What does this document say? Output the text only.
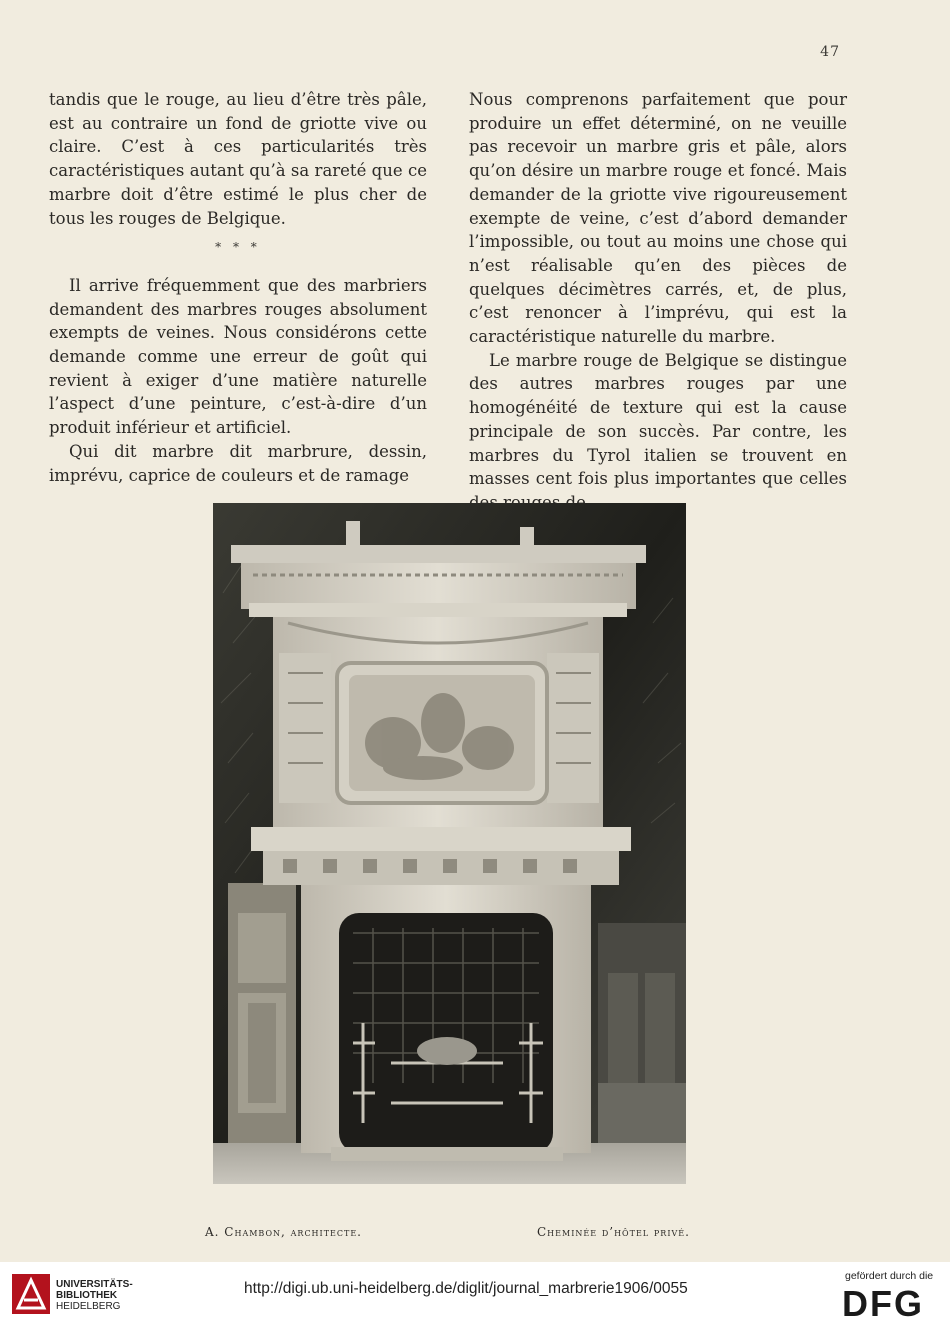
47

tandis que le rouge, au lieu d’être très pâle, est au contraire un fond de griotte vive ou claire. C’est à ces particularités très caractéristiques autant qu’à sa rareté que ce marbre doit d’être estimé le plus cher de tous les rouges de Belgique.

* * *

Il arrive fréquemment que des marbriers demandent des marbres rouges absolument exempts de veines. Nous considérons cette demande comme une erreur de goût qui revient à exiger d’une matière naturelle l’aspect d’une peinture, c’est-à-dire d’un produit inférieur et artificiel.

Qui dit marbre dit marbrure, dessin, imprévu, caprice de couleurs et de ramage

Nous comprenons parfaitement que pour produire un effet déterminé, on ne veuille pas recevoir un marbre gris et pâle, alors qu’on désire un marbre rouge et foncé. Mais demander de la griotte vive rigoureusement exempte de veine, c’est d’abord demander l’impossible, ou tout au moins une chose qui n’est réalisable qu’en des pièces de quelques décimètres carrés, et, de plus, c’est renoncer à l’imprévu, qui est la caractéristique naturelle du marbre.

Le marbre rouge de Belgique se distingue des autres marbres rouges par une homogénéité de texture qui est la cause principale de son succès. Par contre, les marbres du Tyrol italien se trouvent en masses cent fois plus importantes que celles

A. Chambon, architecte.	Cheminée d’hôtel privé.
UNIVERSITÄTS-
BIBLIOTHEK
HEIDELBERG
http://digi.ub.uni-heidelberg.de/diglit/journal_marbrerie1906/0055
gefördert durch die
DFG
